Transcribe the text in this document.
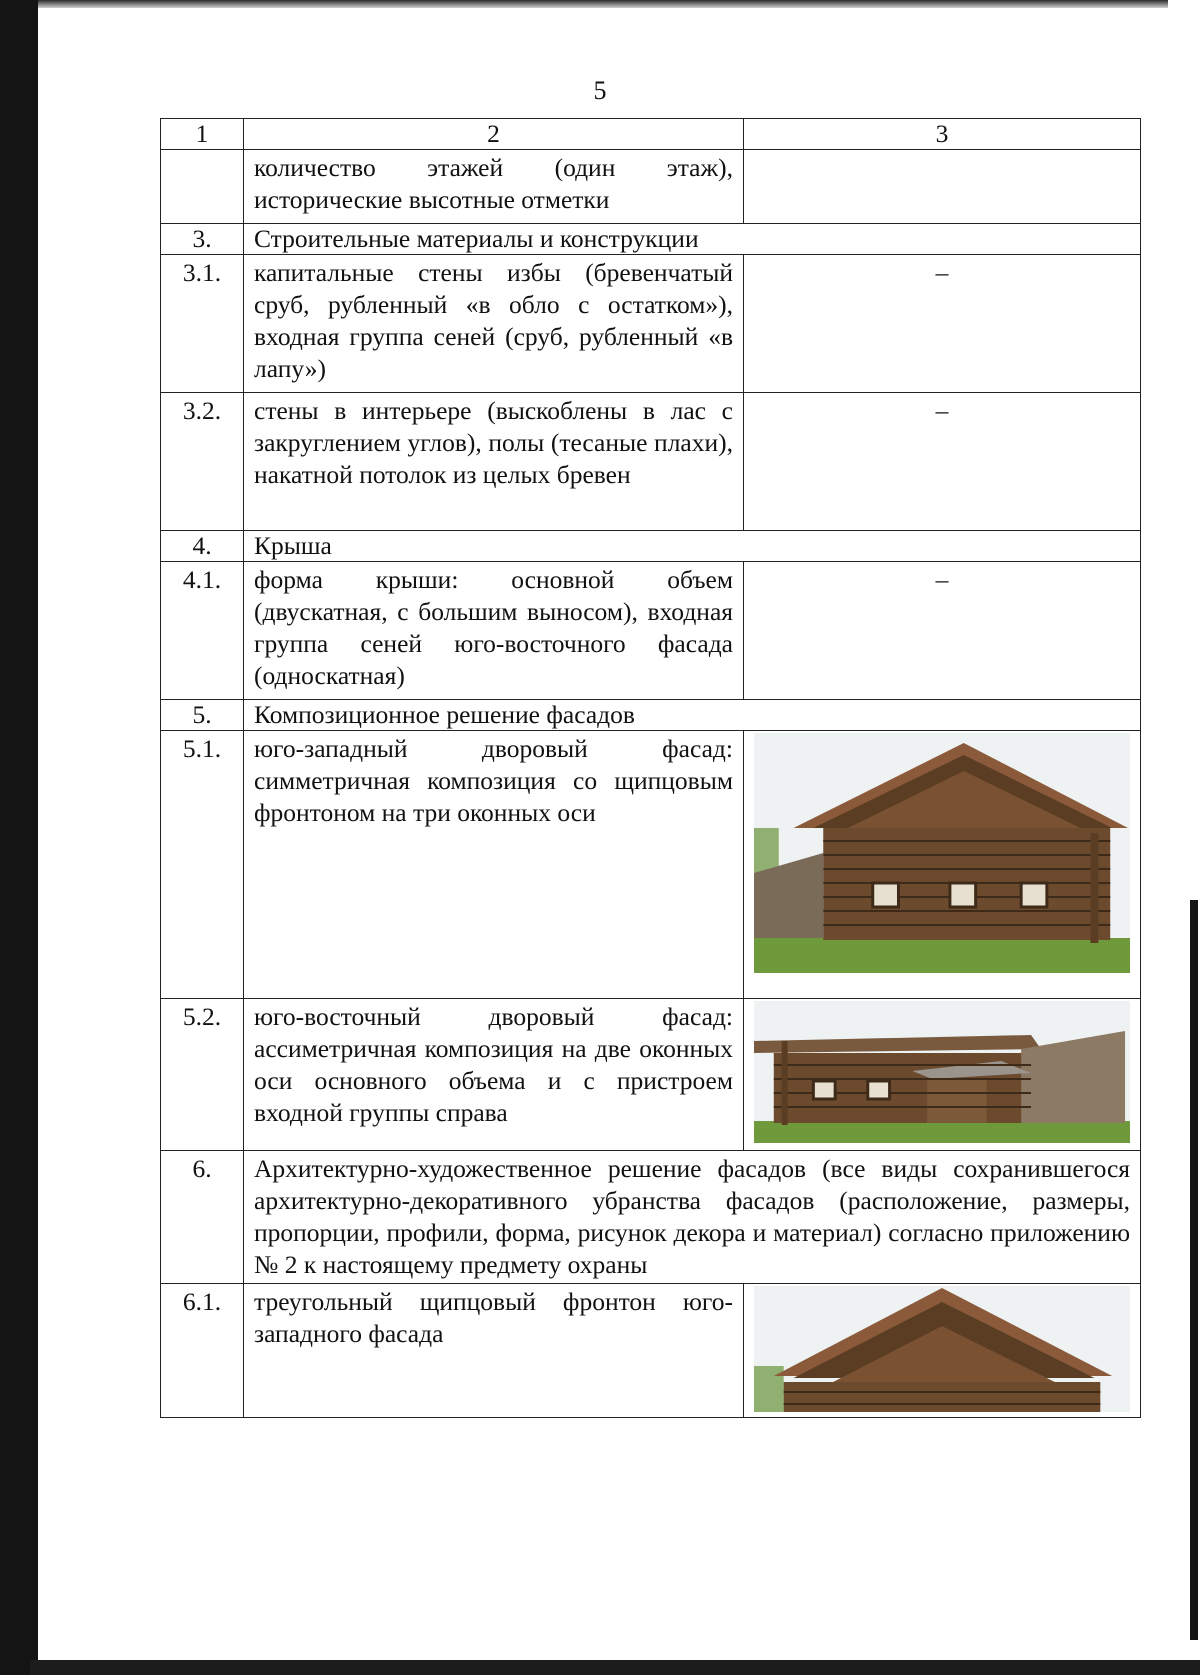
5
1	2	3
	количество этажей (один этаж), исторические высотные отметки	
3.	Строительные материалы и конструкции	
3.1.	капитальные стены избы (бревенчатый сруб, рубленный «в обло с остатком»), входная группа сеней (сруб, рубленный «в лапу»)	–
3.2.	стены в интерьере (выскоблены в лас с закруглением углов), полы (тесаные плахи), накатной потолок из целых бревен	–
4.	Крыша	
4.1.	форма крыши: основной объем (двускатная, с большим выносом), входная группа сеней юго-восточного фасада (односкатная)	–
5.	Композиционное решение фасадов	
5.1.	юго-западный дворовый фасад: симметричная композиция со щипцовым фронтоном на три оконных оси	

5.2.	юго-восточный дворовый фасад: ассиметричная композиция на две оконных оси основного объема и с пристроем входной группы справа	

6.	Архитектурно-художественное решение фасадов (все виды сохранившегося архитектурно-декоративного убранства фасадов (расположение, размеры, пропорции, профили, форма, рисунок декора и материал) согласно приложению № 2 к настоящему предмету охраны	
6.1.	треугольный щипцовый фронтон юго-западного фасада	
